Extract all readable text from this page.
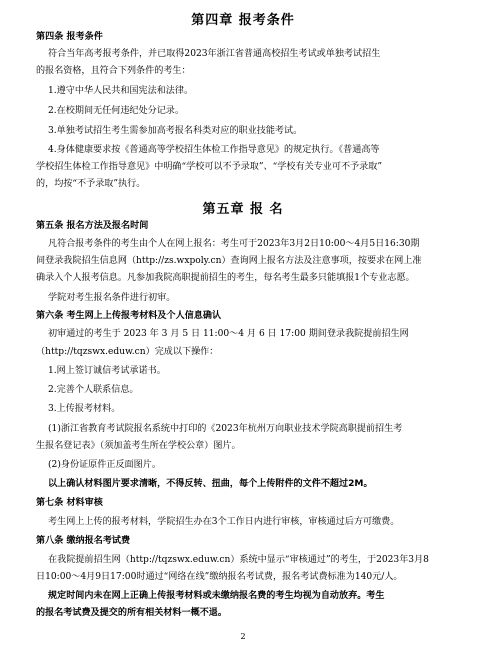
第四章 报考条件
第四条 报考条件
符合当年高考报考条件，并已取得2023年浙江省普通高校招生考试或单独考试招生
的报名资格，且符合下列条件的考生：
1.遵守中华人民共和国宪法和法律。
2.在校期间无任何违纪处分记录。
3.单独考试招生考生需参加高考报名科类对应的职业技能考试。
4.身体健康要求按《普通高等学校招生体检工作指导意见》的规定执行。《普通高等
学校招生体检工作指导意见》中明确“学校可以不予录取”、“学校有关专业可不予录取”
的，均按“不予录取”执行。
第五章 报 名
第五条 报名方法及报名时间
凡符合报考条件的考生由个人在网上报名：考生可于2023年3月2日10:00～4月5日16:30期
间登录我院招生信息网（http://zs.wxpoly.cn）查询网上报名方法及注意事项，按要求在网上准
确录入个人报考信息。凡参加我院高职提前招生的考生，每名考生最多只能填报1个专业志愿。
学院对考生报名条件进行初审。
第六条 考生网上上传报考材料及个人信息确认
初审通过的考生于 2023 年 3 月 5 日 11:00～4 月 6 日 17:00 期间登录我院提前招生网
（http://tqzswx.eduw.cn）完成以下操作：
1.网上签订诚信考试承诺书。
2.完善个人联系信息。
3.上传报考材料。
(1)浙江省教育考试院报名系统中打印的《2023年杭州万向职业技术学院高职提前招生考
生报名登记表》（须加盖考生所在学校公章）图片。
(2)身份证原件正反面图片。
以上确认材料图片要求清晰，不得反转、扭曲，每个上传附件的文件不超过2M。
第七条 材料审核
考生网上上传的报考材料，学院招生办在3个工作日内进行审核，审核通过后方可缴费。
第八条 缴纳报名考试费
在我院提前招生网（http://tqzswx.eduw.cn）系统中显示“审核通过”的考生，于2023年3月8
日10:00～4月9日17:00时通过“网络在线”缴纳报名考试费，报名考试费标准为140元/人。
规定时间内未在网上正确上传报考材料或未缴纳报名费的考生均视为自动放弃。考生
的报名考试费及提交的所有相关材料一概不退。
2
